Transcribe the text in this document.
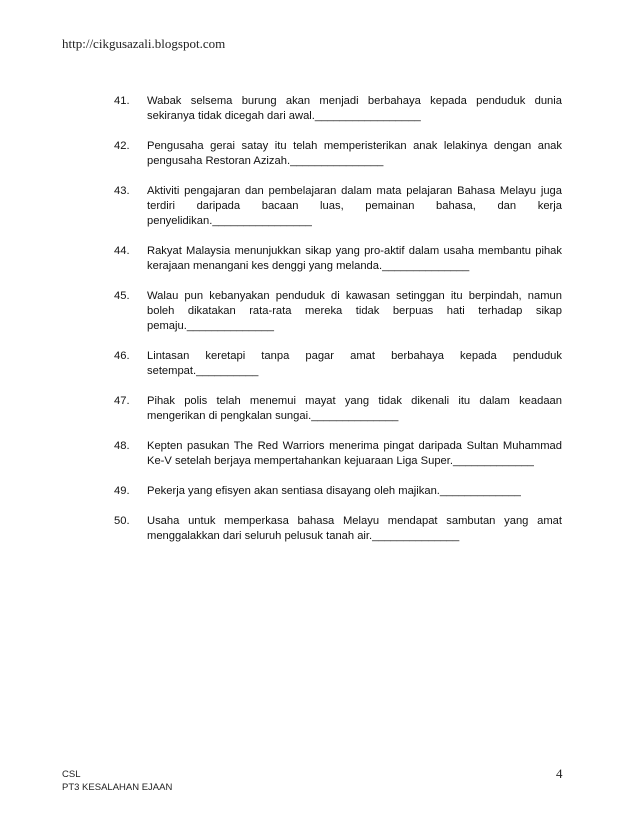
http://cikgusazali.blogspot.com
41.	Wabak selsema burung akan menjadi berbahaya kepada penduduk dunia sekiranya tidak dicegah dari awal._________________
42.	Pengusaha gerai satay itu telah memperisterikan anak lelakinya dengan anak pengusaha Restoran Azizah._______________
43.	Aktiviti pengajaran dan pembelajaran dalam mata pelajaran Bahasa Melayu juga terdiri daripada bacaan luas, pemainan bahasa, dan kerja penyelidikan.________________
44.	Rakyat Malaysia menunjukkan sikap yang pro-aktif dalam usaha membantu pihak kerajaan menangani kes denggi yang melanda.______________
45.	Walau pun kebanyakan penduduk di kawasan setinggan itu berpindah, namun boleh dikatakan rata-rata mereka tidak berpuas hati terhadap sikap pemaju.______________
46.	Lintasan keretapi tanpa pagar amat berbahaya kepada penduduk setempat.__________
47.	Pihak polis telah menemui mayat yang tidak dikenali itu dalam keadaan mengerikan di pengkalan sungai.______________
48.	Kepten pasukan The Red Warriors menerima pingat daripada Sultan Muhammad Ke-V setelah berjaya mempertahankan kejuaraan Liga Super._____________
49.	Pekerja yang efisyen akan sentiasa disayang oleh majikan._____________
50.	Usaha untuk memperkasa bahasa Melayu mendapat sambutan yang amat menggalakkan dari seluruh pelusuk tanah air.______________
CSL
PT3 KESALAHAN EJAAN
4
